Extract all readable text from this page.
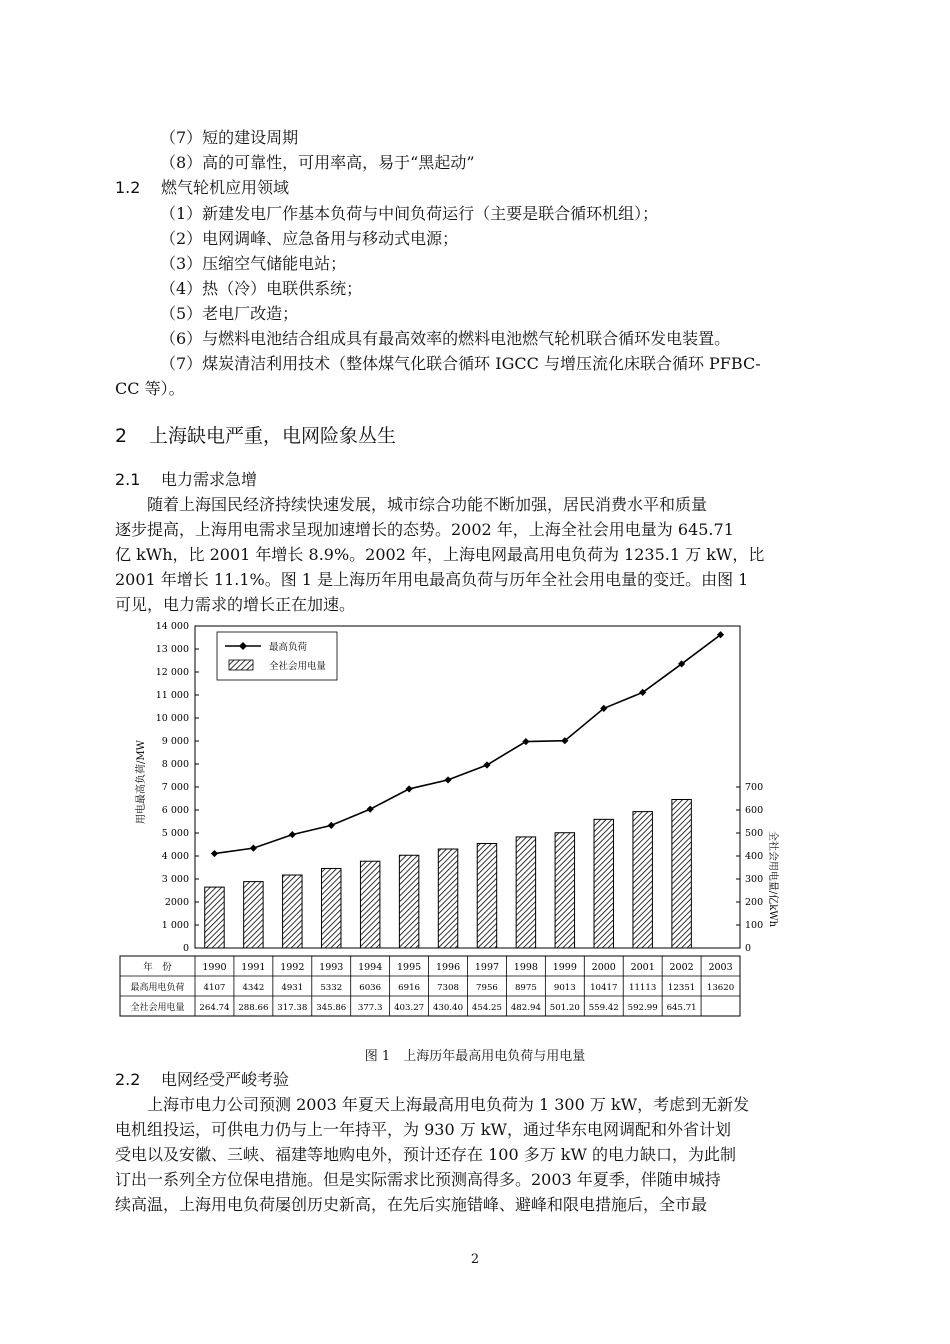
（7）短的建设周期
（8）高的可靠性，可用率高，易于“黑起动”
1.2 燃气轮机应用领域
（1）新建发电厂作基本负荷与中间负荷运行（主要是联合循环机组）；
（2）电网调峰、应急备用与移动式电源；
（3）压缩空气储能电站；
（4）热（冷）电联供系统；
（5）老电厂改造；
（6）与燃料电池结合组成具有最高效率的燃料电池燃气轮机联合循环发电装置。
（7）煤炭清洁利用技术（整体煤气化联合循环 IGCC 与增压流化床联合循环 PFBC-
CC 等）。
2 上海缺电严重，电网险象丛生
2.1 电力需求急增
随着上海国民经济持续快速发展，城市综合功能不断加强，居民消费水平和质量
逐步提高，上海用电需求呈现加速增长的态势。2002 年，上海全社会用电量为 645.71
亿 kWh，比 2001 年增长 8.9%。2002 年，上海电网最高用电负荷为 1235.1 万 kW，比
2001 年增长 11.1%。图 1 是上海历年用电最高负荷与历年全社会用电量的变迁。由图 1
可见，电力需求的增长正在加速。
0
1 000
2000
3 000
4 000
5 000
6 000
7 000
8 000
9 000
10 000
11 000
12 000
13 000
14 000
0
100
200
300
400
500
600
700
用电最高负荷/MW
全社会用电量/亿kWh
最高负荷
全社会用电量
年　份	1990 1991 1992 1993 1994 1995 1996 1997 1998 1999 2000 2001 2002 2003
最高用电负荷 4107 4342 4931 5332 6036 6916 7308 7956 8975 9013 10417 11113 12351 13620
全社会用电量 264.74 288.66 317.38 345.86 377.3 403.27 430.40 454.25 482.94 501.20 559.42 592.99 645.71
图 1　上海历年最高用电负荷与用电量
2.2 电网经受严峻考验
上海市电力公司预测 2003 年夏天上海最高用电负荷为 1 300 万 kW，考虑到无新发
电机组投运，可供电力仍与上一年持平，为 930 万 kW，通过华东电网调配和外省计划
受电以及安徽、三峡、福建等地购电外，预计还存在 100 多万 kW 的电力缺口，为此制
订出一系列全方位保电措施。但是实际需求比预测高得多。2003 年夏季，伴随申城持
续高温，上海用电负荷屡创历史新高，在先后实施错峰、避峰和限电措施后，全市最
2
